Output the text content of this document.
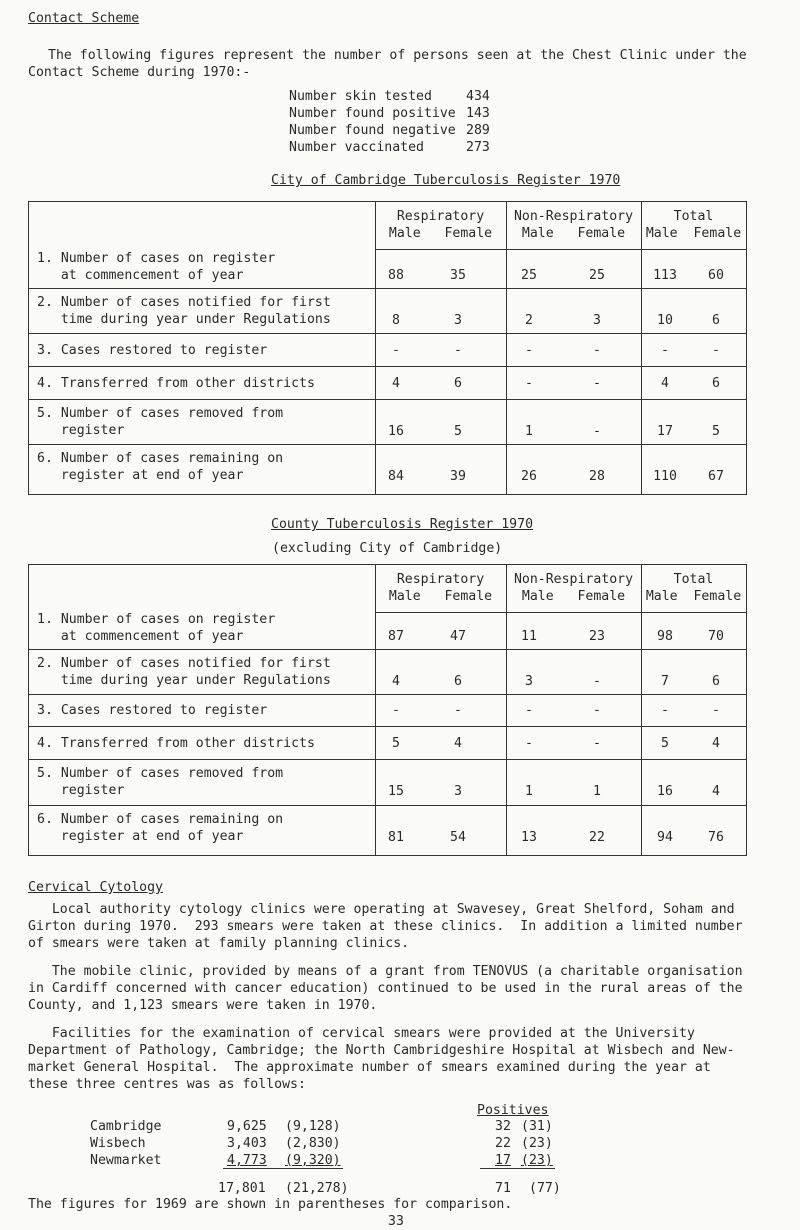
Contact Scheme
The following figures represent the number of persons seen at the Chest Clinic under the
Contact Scheme during 1970:-
Number skin tested	434
Number found positive 143
Number found negative 289
Number vaccinated	273
City of Cambridge Tuberculosis Register 1970
Respiratory
Male   Female
Non-Respiratory
Male   Female
Total
Male  Female
1. Number of cases on register
at commencement of year	88	35	25	25	113	60
2. Number of cases notified for first
time during year under Regulations	8	3	2	3	10	6
3. Cases restored to register	-	-	-	-	-	-
4. Transferred from other districts	4	6	-	-	4	6
5. Number of cases removed from
register	16	5	1	-	17	5
6. Number of cases remaining on
register at end of year	84	39	26	28	110	67
County Tuberculosis Register 1970
(excluding City of Cambridge)
Respiratory
Male   Female
Non-Respiratory
Male   Female
Total
Male  Female
1. Number of cases on register
at commencement of year	87	47	11	23	98	70
2. Number of cases notified for first
time during year under Regulations	4	6	3	-	7	6
3. Cases restored to register	-	-	-	-	-	-
4. Transferred from other districts	5	4	-	-	5	4
5. Number of cases removed from
register	15	3	1	1	16	4
6. Number of cases remaining on
register at end of year	81	54	13	22	94	76
Cervical Cytology
Local authority cytology clinics were operating at Swavesey, Great Shelford, Soham and
Girton during 1970.  293 smears were taken at these clinics.  In addition a limited number
of smears were taken at family planning clinics.
The mobile clinic, provided by means of a grant from TENOVUS (a charitable organisation
in Cardiff concerned with cancer education) continued to be used in the rural areas of the
County, and 1,123 smears were taken in 1970.
Facilities for the examination of cervical smears were provided at the University
Department of Pathology, Cambridge; the North Cambridgeshire Hospital at Wisbech and New-
market General Hospital.  The approximate number of smears examined during the year at
these three centres was as follows:
Positives
Cambridge	9,625 (9,128)	32 (31)
Wisbech	3,403 (2,830)	22 (23)
Newmarket	4,773 (9,320)	17 (23)
17,801 (21,278)	71 (77)
The figures for 1969 are shown in parentheses for comparison.
33
